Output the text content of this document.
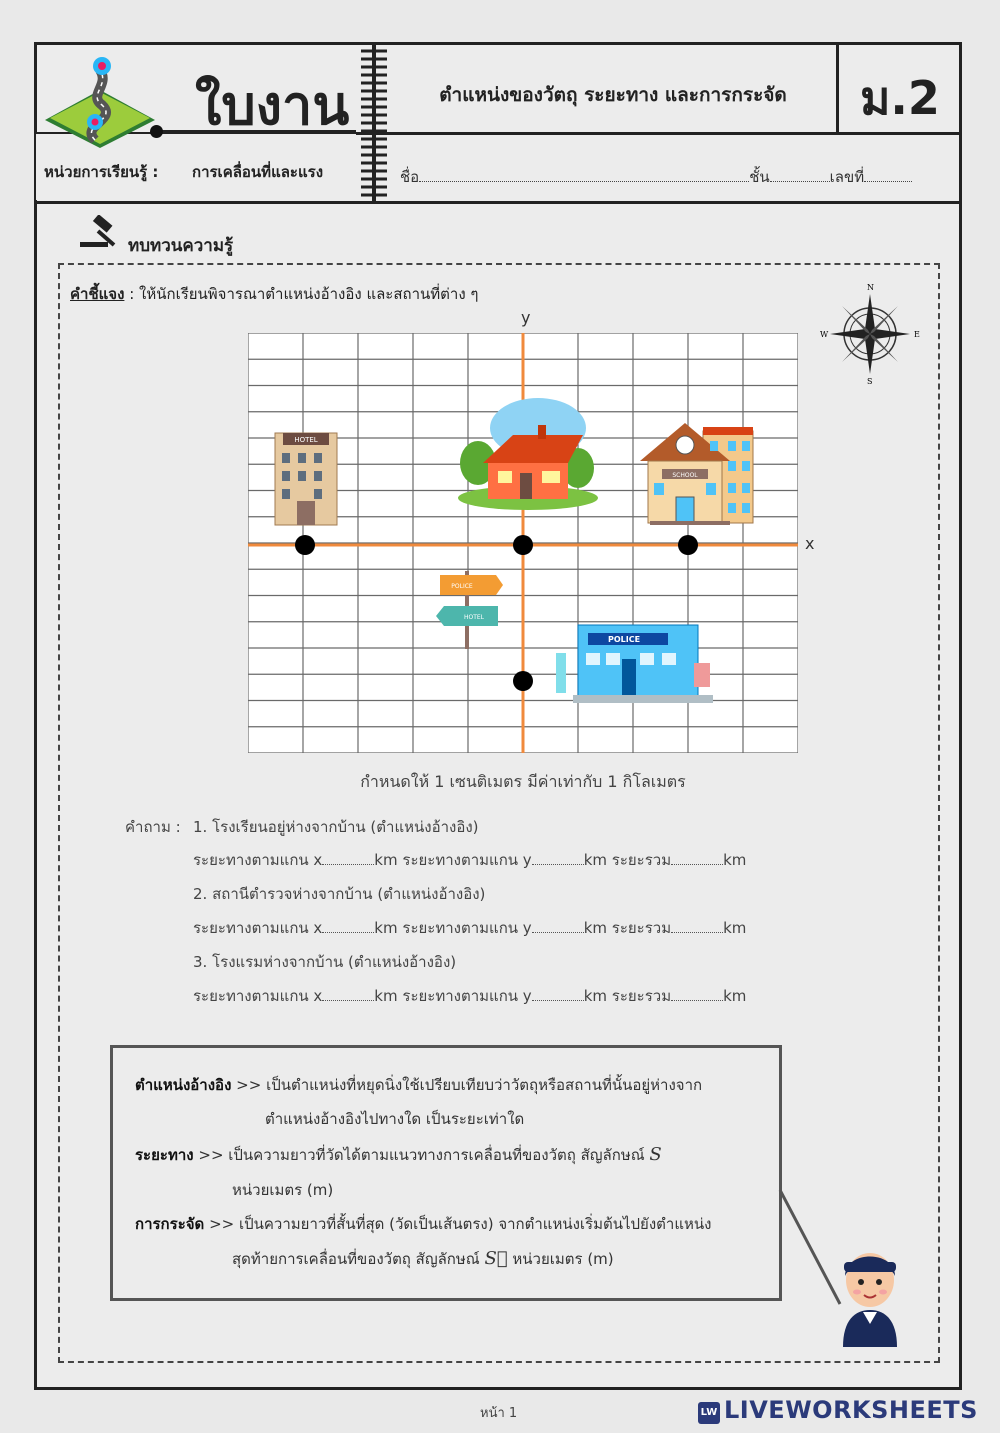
ใบงาน
หน่วยการเรียนรู้ : การเคลื่อนที่และแรง
ตำแหน่งของวัตถุ ระยะทาง และการกระจัด	ม.2
ชื่อ	ชั้น	เลขที่
ทบทวนความรู้
คำชี้แจง : ให้นักเรียนพิจารณาตำแหน่งอ้างอิง และสถานที่ต่าง ๆ	N
E
S
W
HOTEL
SCHOOL
POLICE
HOTEL
POLICE
y
x
กำหนดให้ 1 เซนติเมตร มีค่าเท่ากับ 1 กิโลเมตร
คำถาม : 1. โรงเรียนอยู่ห่างจากบ้าน (ตำแหน่งอ้างอิง)
ระยะทางตามแกน x	km ระยะทางตามแกน y	km ระยะรวม	km
2. สถานีตำรวจห่างจากบ้าน (ตำแหน่งอ้างอิง)
ระยะทางตามแกน x	km ระยะทางตามแกน y	km ระยะรวม	km
3. โรงแรมห่างจากบ้าน (ตำแหน่งอ้างอิง)
ระยะทางตามแกน x	km ระยะทางตามแกน y	km ระยะรวม	km
ตำแหน่งอ้างอิง >> เป็นตำแหน่งที่หยุดนิ่งใช้เปรียบเทียบว่าวัตถุหรือสถานที่นั้นอยู่ห่างจาก
ตำแหน่งอ้างอิงไปทางใด เป็นระยะเท่าใด
ระยะทาง >> เป็นความยาวที่วัดได้ตามแนวทางการเคลื่อนที่ของวัตถุ สัญลักษณ์ S
หน่วยเมตร (m)
การกระจัด >> เป็นความยาวที่สั้นที่สุด (วัดเป็นเส้นตรง) จากตำแหน่งเริ่มต้นไปยังตำแหน่ง
สุดท้ายการเคลื่อนที่ของวัตถุ สัญลักษณ์ S⃗ หน่วยเมตร (m)
หน้า 1	LW LIVEWORKSHEETS
